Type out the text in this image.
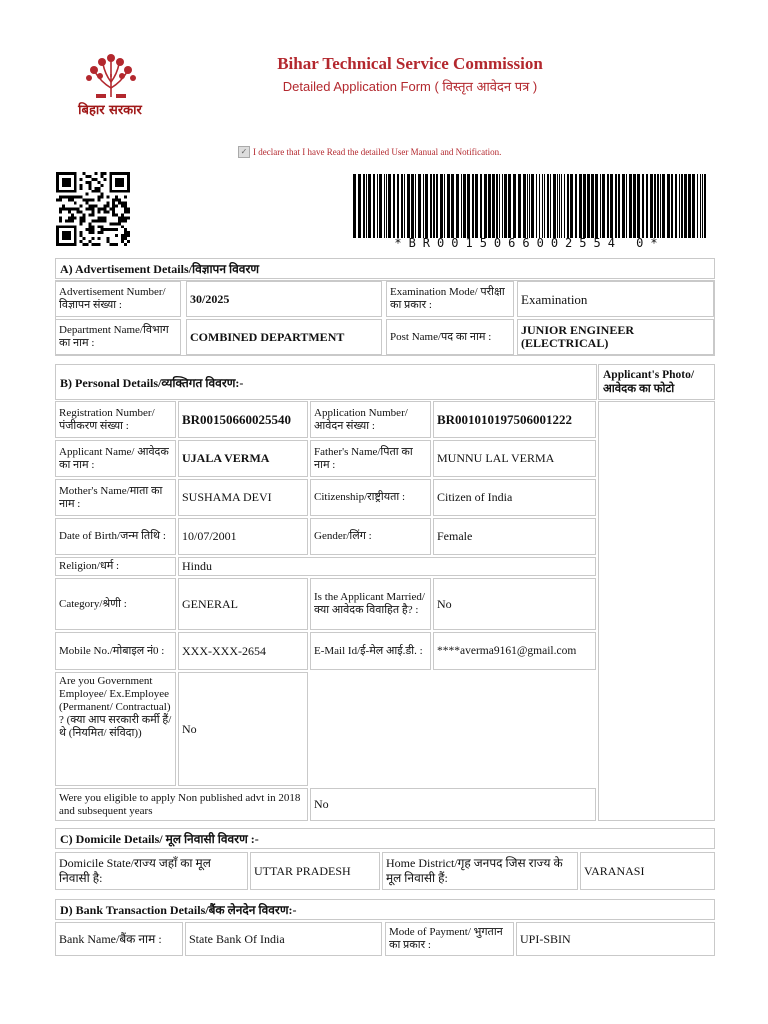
बिहार सरकार
Bihar Technical Service Commission
Detailed Application Form ( विस्तृत आवेदन पत्र )
✓ I declare that I have Read the detailed User Manual and Notification.
*BR0015066002554 0*
A) Advertisement Details/विज्ञापन विवरण
Advertisement Number/ विज्ञापन संख्या :	30/2025	Examination Mode/ परीक्षा का प्रकार :	Examination
Department Name/विभाग का नाम :	COMBINED DEPARTMENT	Post Name/पद का नाम :	JUNIOR ENGINEER (ELECTRICAL)
B) Personal Details/व्यक्तिगत विवरण:-
Applicant's Photo/ आवेदक का फोटो
Registration Number/ पंजीकरण संख्या :	BR00150660025540	Application Number/ आवेदन संख्या :	BR001010197506001222
Applicant Name/ आवेदक का नाम :	UJALA VERMA	Father's Name/पिता का नाम :	MUNNU LAL VERMA
Mother's Name/माता का नाम :	SUSHAMA DEVI	Citizenship/राष्ट्रीयता :	Citizen of India
Date of Birth/जन्म तिथि :	10/07/2001	Gender/लिंग :	Female
Religion/धर्म :	Hindu
Category/श्रेणी :	GENERAL	Is the Applicant Married/क्या आवेदक विवाहित है? :	No
Mobile No./मोबाइल नं0 :	XXX-XXX-2654	E-Mail Id/ई-मेल आई.डी. :	****averma9161@gmail.com
Are you Government Employee/ Ex.Employee (Permanent/ Contractual) ? (क्या आप सरकारी कर्मी हैं/थे (नियमित/ संविदा))	No
Were you eligible to apply Non published advt in 2018 and subsequent years	No
C) Domicile Details/ मूल निवासी विवरण :-
Domicile State/राज्य जहाँ का मूल निवासी है:
UTTAR PRADESH
Home District/गृह जनपद जिस राज्य के मूल निवासी हैं:
VARANASI
D) Bank Transaction Details/बैंक लेनदेन विवरण:-
Bank Name/बैंक नाम :	State Bank Of India	Mode of Payment/ भुगतान का प्रकार :	UPI-SBIN
